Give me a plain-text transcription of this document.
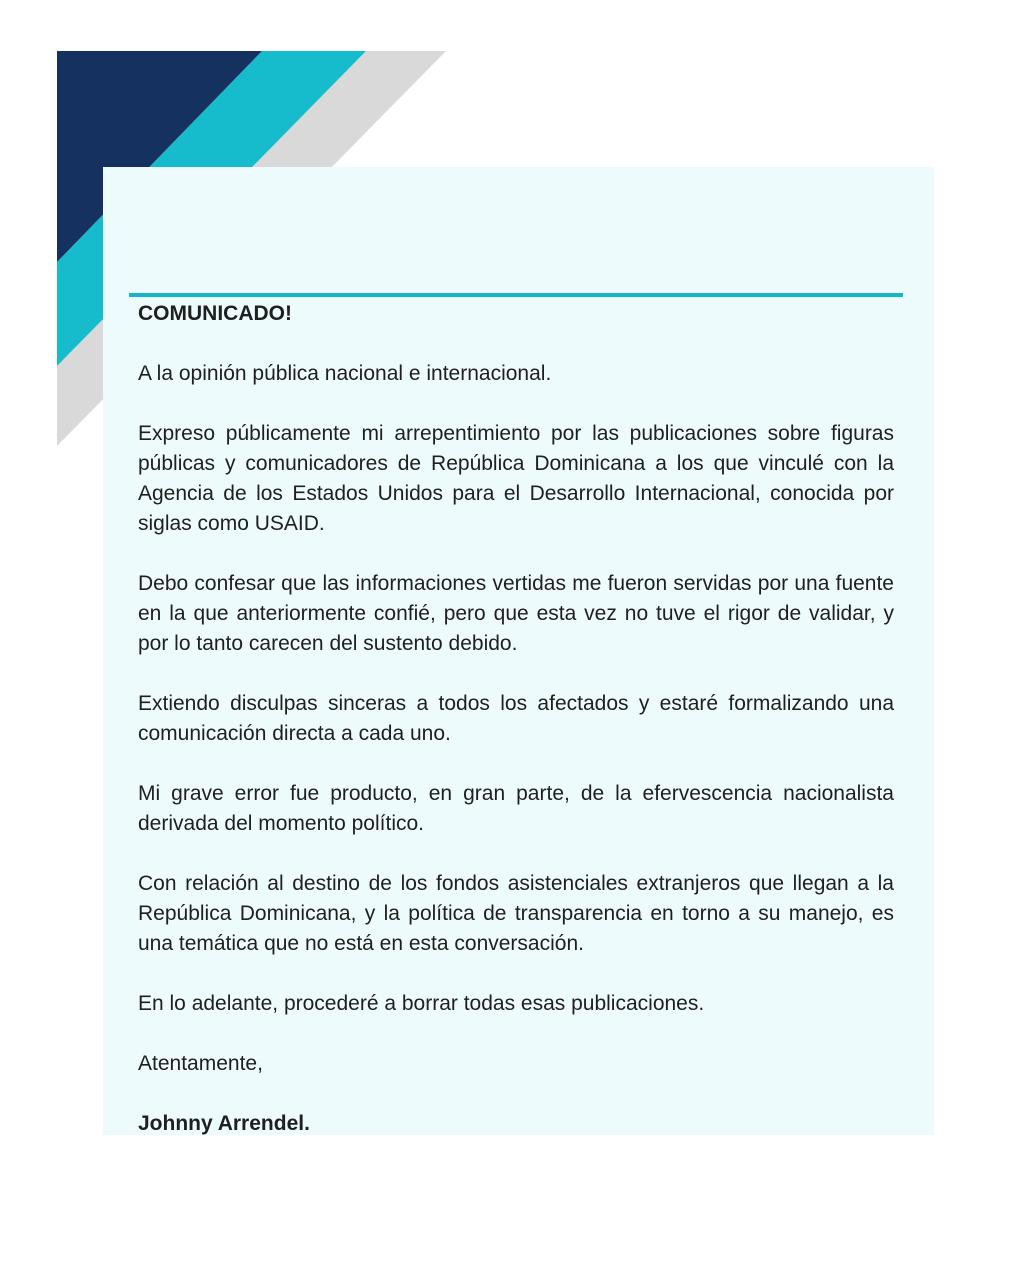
COMUNICADO!

A la opinión pública nacional e internacional.

Expreso públicamente mi arrepentimiento por las publicaciones sobre figuras públicas y comunicadores de República Dominicana a los que vinculé con la Agencia de los Estados Unidos para el Desarrollo Internacional, conocida por siglas como USAID.

Debo confesar que las informaciones vertidas me fueron servidas por una fuente en la que anteriormente confié, pero que esta vez no tuve el rigor de validar, y por lo tanto carecen del sustento debido.

Extiendo disculpas sinceras a todos los afectados y estaré formalizando una comunicación directa a cada uno.

Mi grave error fue producto, en gran parte, de la efervescencia nacionalista derivada del momento político.

Con relación al destino de los fondos asistenciales extranjeros que llegan a la República Dominicana, y la política de transparencia en torno a su manejo, es una temática que no está en esta conversación.

En lo adelante, procederé a borrar todas esas publicaciones.

Atentamente,

Johnny Arrendel.
